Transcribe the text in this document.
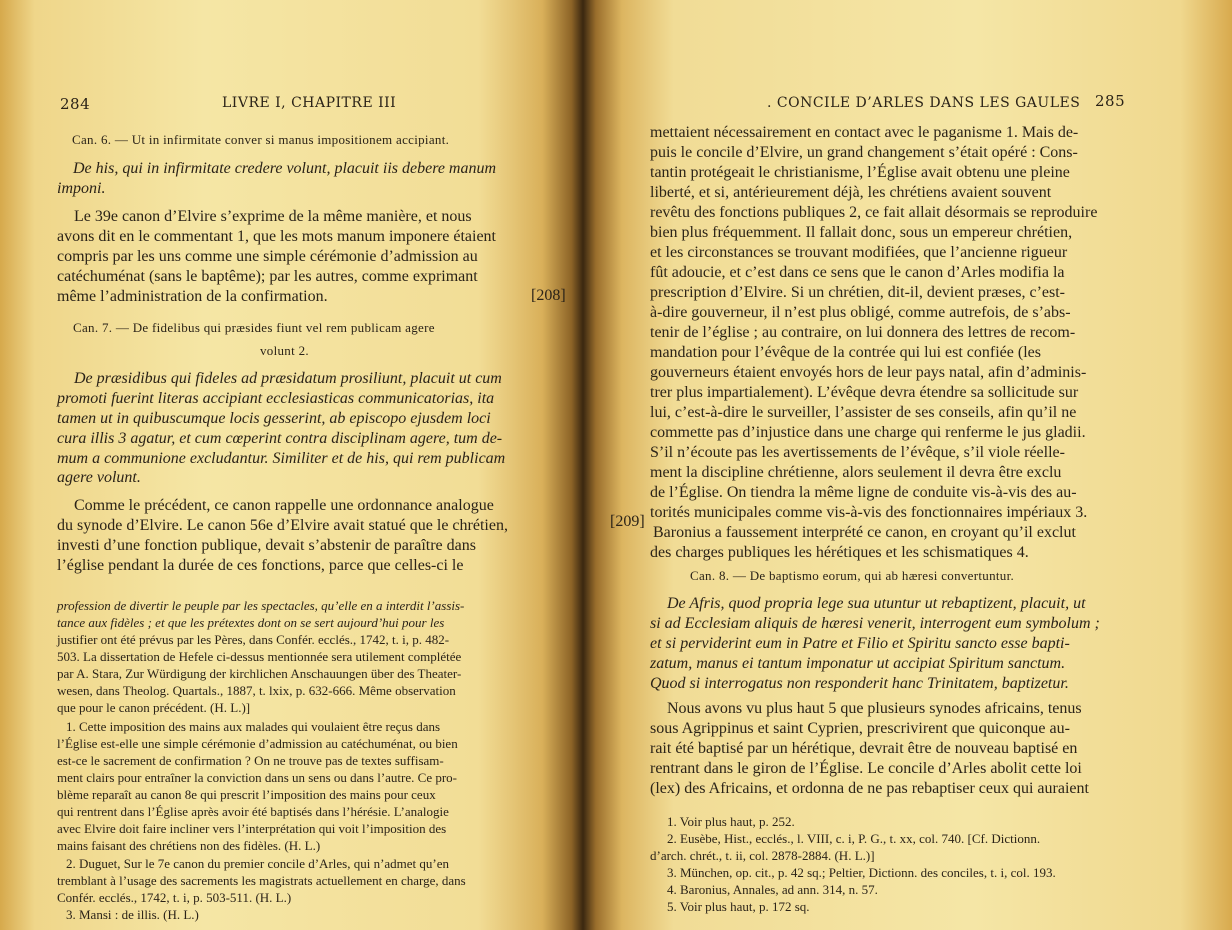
284	LIVRE I, CHAPITRE III
Can. 6. — Ut in infirmitate conver si manus impositionem accipiant.
De his, qui in infirmitate credere volunt, placuit iis debere manum
imponi.
Le 39e canon d’Elvire s’exprime de la même manière, et nous
avons dit en le commentant 1, que les mots manum imponere étaient
compris par les uns comme une simple cérémonie d’admission au
catéchuménat (sans le baptême); par les autres, comme exprimant
même l’administration de la confirmation.
Can. 7. — De fidelibus qui præsides fiunt vel rem publicam agere
volunt 2.
De præsidibus qui fideles ad præsidatum prosiliunt, placuit ut cum
promoti fuerint literas accipiant ecclesiasticas communicatorias, ita
tamen ut in quibuscumque locis gesserint, ab episcopo ejusdem loci
cura illis 3 agatur, et cum cœperint contra disciplinam agere, tum de-
mum a communione excludantur. Similiter et de his, qui rem publicam
agere volunt.
Comme le précédent, ce canon rappelle une ordonnance analogue
du synode d’Elvire. Le canon 56e d’Elvire avait statué que le chrétien,
investi d’une fonction publique, devait s’abstenir de paraître dans
l’église pendant la durée de ces fonctions, parce que celles-ci le
[208]
profession de divertir le peuple par les spectacles, qu’elle en a interdit l’assis-
tance aux fidèles ; et que les prétextes dont on se sert aujourd’hui pour les
justifier ont été prévus par les Pères, dans Confér. ecclés., 1742, t. i, p. 482-
503. La dissertation de Hefele ci-dessus mentionnée sera utilement complétée
par A. Stara, Zur Würdigung der kirchlichen Anschauungen über des Theater-
wesen, dans Theolog. Quartals., 1887, t. lxix, p. 632-666. Même observation
que pour le canon précédent. (H. L.)]
1. Cette imposition des mains aux malades qui voulaient être reçus dans
l’Église est-elle une simple cérémonie d’admission au catéchuménat, ou bien
est-ce le sacrement de confirmation ? On ne trouve pas de textes suffisam-
ment clairs pour entraîner la conviction dans un sens ou dans l’autre. Ce pro-
blème reparaît au canon 8e qui prescrit l’imposition des mains pour ceux
qui rentrent dans l’Église après avoir été baptisés dans l’hérésie. L’analogie
avec Elvire doit faire incliner vers l’interprétation qui voit l’imposition des
mains faisant des chrétiens non des fidèles. (H. L.)
2. Duguet, Sur le 7e canon du premier concile d’Arles, qui n’admet qu’en
tremblant à l’usage des sacrements les magistrats actuellement en charge, dans
Confér. ecclés., 1742, t. i, p. 503-511. (H. L.)
3. Mansi : de illis. (H. L.)
. CONCILE D’ARLES DANS LES GAULES 285
mettaient nécessairement en contact avec le paganisme 1. Mais de-
puis le concile d’Elvire, un grand changement s’était opéré : Cons-
tantin protégeait le christianisme, l’Église avait obtenu une pleine
liberté, et si, antérieurement déjà, les chrétiens avaient souvent
revêtu des fonctions publiques 2, ce fait allait désormais se reproduire
bien plus fréquemment. Il fallait donc, sous un empereur chrétien,
et les circonstances se trouvant modifiées, que l’ancienne rigueur
fût adoucie, et c’est dans ce sens que le canon d’Arles modifia la
prescription d’Elvire. Si un chrétien, dit-il, devient præses, c’est-
à-dire gouverneur, il n’est plus obligé, comme autrefois, de s’abs-
tenir de l’église ; au contraire, on lui donnera des lettres de recom-
mandation pour l’évêque de la contrée qui lui est confiée (les
gouverneurs étaient envoyés hors de leur pays natal, afin d’adminis-
trer plus impartialement). L’évêque devra étendre sa sollicitude sur
lui, c’est-à-dire le surveiller, l’assister de ses conseils, afin qu’il ne
commette pas d’injustice dans une charge qui renferme le jus gladii.
S’il n’écoute pas les avertissements de l’évêque, s’il viole réelle-
ment la discipline chrétienne, alors seulement il devra être exclu
de l’Église. On tiendra la même ligne de conduite vis-à-vis des au-
torités municipales comme vis-à-vis des fonctionnaires impériaux 3.
Baronius a faussement interprété ce canon, en croyant qu’il exclut
des charges publiques les hérétiques et les schismatiques 4.
Can. 8. — De baptismo eorum, qui ab hæresi convertuntur.
De Afris, quod propria lege sua utuntur ut rebaptizent, placuit, ut
si ad Ecclesiam aliquis de hæresi venerit, interrogent eum symbolum ;
et si perviderint eum in Patre et Filio et Spiritu sancto esse bapti-
zatum, manus ei tantum imponatur ut accipiat Spiritum sanctum.
Quod si interrogatus non responderit hanc Trinitatem, baptizetur.
Nous avons vu plus haut 5 que plusieurs synodes africains, tenus
sous Agrippinus et saint Cyprien, prescrivirent que quiconque au-
rait été baptisé par un hérétique, devrait être de nouveau baptisé en
rentrant dans le giron de l’Église. Le concile d’Arles abolit cette loi
(lex) des Africains, et ordonna de ne pas rebaptiser ceux qui auraient
[209]
1. Voir plus haut, p. 252.
2. Eusèbe, Hist., ecclés., l. VIII, c. i, P. G., t. xx, col. 740. [Cf. Dictionn.
d’arch. chrét., t. ii, col. 2878-2884. (H. L.)]
3. München, op. cit., p. 42 sq.; Peltier, Dictionn. des conciles, t. i, col. 193.
4. Baronius, Annales, ad ann. 314, n. 57.
5. Voir plus haut, p. 172 sq.
